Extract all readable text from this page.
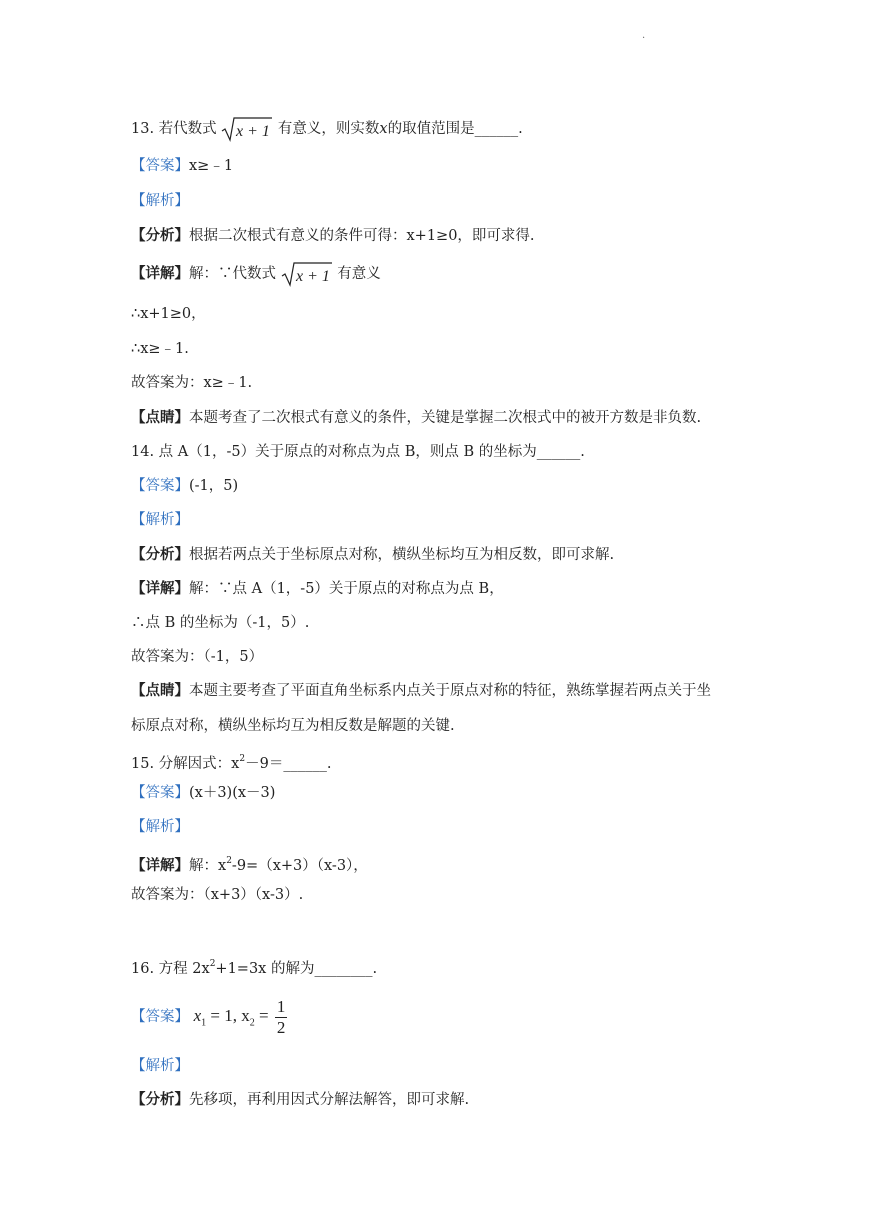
.
13. 若代数式 x + 1 有意义，则实数x的取值范围是______.
【答案】x≥﹣1
【解析】
【分析】根据二次根式有意义的条件可得：x+1≥0，即可求得.
【详解】解：∵代数式 x + 1 有意义
∴x+1≥0，
∴x≥﹣1.
故答案为：x≥﹣1.
【点睛】本题考查了二次根式有意义的条件，关键是掌握二次根式中的被开方数是非负数.
14. 点 A（1，-5）关于原点的对称点为点 B，则点 B 的坐标为______.
【答案】(-1，5)
【解析】
【分析】根据若两点关于坐标原点对称，横纵坐标均互为相反数，即可求解.
【详解】解：∵点 A（1，-5）关于原点的对称点为点 B，
∴点 B 的坐标为（-1，5）.
故答案为：（-1，5）
【点睛】本题主要考查了平面直角坐标系内点关于原点对称的特征，熟练掌握若两点关于坐
标原点对称，横纵坐标均互为相反数是解题的关键.
15. 分解因式：$x^2-9=\_\_\_\_\_\_$.
【答案】(x＋3)(x－3)
【解析】
【详解】解：$x^2-9=(x+3)(x-3)$，
故答案为：（x+3）（x-3）.
16. 方程 $2x^2+1=3x$ 的解为________.
【答案】 $x_1 = 1$, $x_2 = \frac{1}{2}$
【解析】
【分析】先移项，再利用因式分解法解答，即可求解.
